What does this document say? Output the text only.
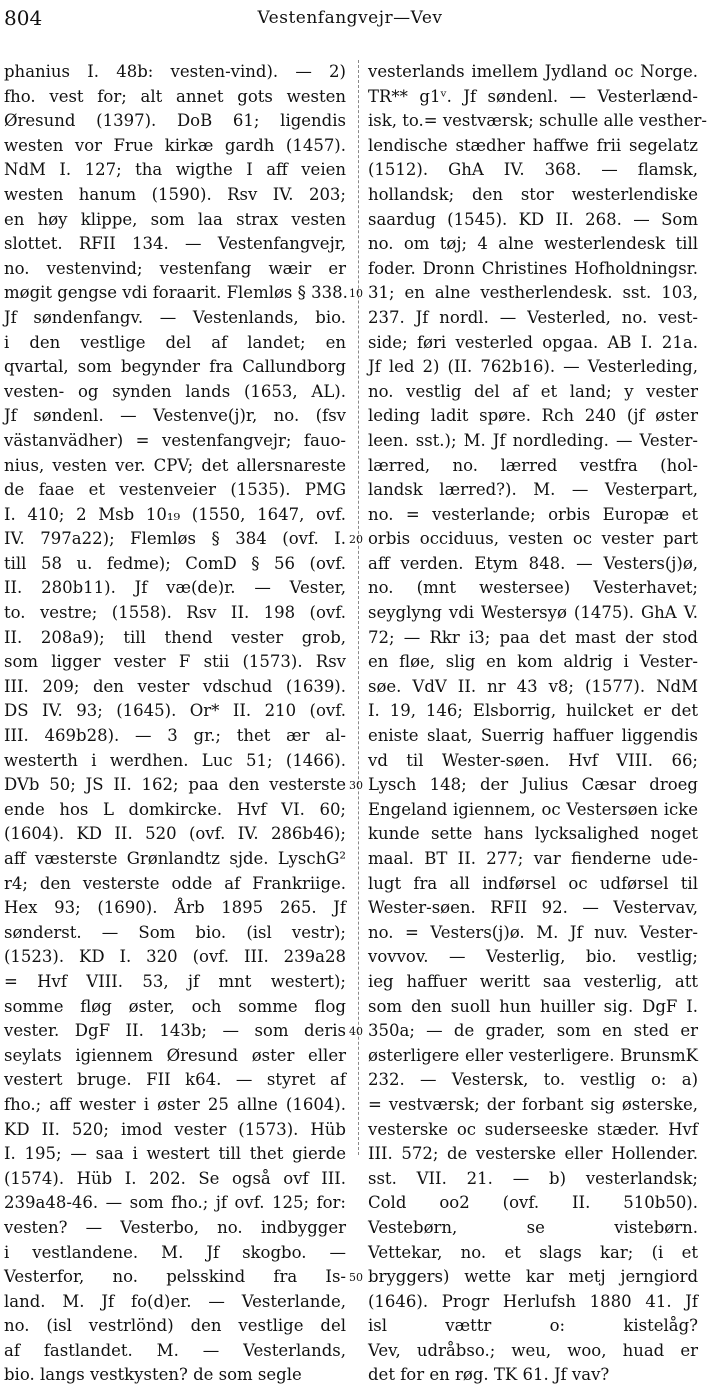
804	Vestenfangvejr—Vev
phanius I. 48b: vesten-vind). — 2)
fho. vest for; alt annet gots westen
Øresund (1397). DoB 61; ligendis
westen vor Frue kirkæ gardh (1457).
NdM I. 127; tha wigthe I aff veien
westen hanum (1590). Rsv IV. 203;
en høy klippe, som laa strax vesten
slottet. RFII 134. — Vestenfangvejr,
no. vestenvind; vestenfang wæir er
møgit gengse vdi foraarit. Flemløs § 338.
Jf søndenfangv. — Vestenlands, bio.
i den vestlige del af landet; en
qvartal, som begynder fra Callundborg
vesten- og synden lands (1653, AL).
Jf søndenl. — Vestenve(j)r, no. (fsv
västanvädher) = vestenfangvejr; fauo-
nius, vesten ver. CPV; det allersnareste
de faae et vestenveier (1535). PMG
I. 410; 2 Msb 10₁₉ (1550, 1647, ovf.
IV. 797a22); Flemløs § 384 (ovf. I.
till 58 u. fedme); ComD § 56 (ovf.
II. 280b11). Jf væ(de)r. — Vester,
to. vestre; (1558). Rsv II. 198 (ovf.
II. 208a9); till thend vester grob,
som ligger vester F stii (1573). Rsv
III. 209; den vester vdschud (1639).
DS IV. 93; (1645). Or* II. 210 (ovf.
III. 469b28). — 3 gr.; thet ær al-
westerth i werdhen. Luc 51; (1466).
DVb 50; JS II. 162; paa den vesterste
ende hos L domkircke. Hvf VI. 60;
(1604). KD II. 520 (ovf. IV. 286b46);
aff væsterste Grønlandtz sjde. LyschG²
r4; den vesterste odde af Frankriige.
Hex 93; (1690). Årb 1895 265. Jf
sønderst. — Som bio. (isl vestr);
(1523). KD I. 320 (ovf. III. 239a28
= Hvf VIII. 53, jf mnt westert);
somme fløg øster, och somme flog
vester. DgF II. 143b; — som deris
seylats igiennem Øresund øster eller
vestert bruge. FII k64. — styret af
fho.; aff wester i øster 25 allne (1604).
KD II. 520; imod vester (1573). Hüb
I. 195; — saa i westert till thet gierde
(1574). Hüb I. 202. Se også ovf III.
239a48-46. — som fho.; jf ovf. 125; for:
vesten? — Vesterbo, no. indbygger
i vestlandene. M. Jf skogbo. —
Vesterfor, no. pelsskind fra Is-
land. M. Jf fo(d)er. — Vesterlande,
no. (isl vestrlönd) den vestlige del
af fastlandet. M. — Vesterlands,
bio. langs vestkysten? de som segle
10
20
30
40
50
vesterlands imellem Jydland oc Norge.
TR** g1ᵛ. Jf søndenl. — Vesterlænd-
isk, to.= vestværsk; schulle alle vesther-
lendische stædher haffwe frii segelatz
(1512). GhA IV. 368. — flamsk,
hollandsk; den stor westerlendiske
saardug (1545). KD II. 268. — Som
no. om tøj; 4 alne westerlendesk till
foder. Dronn Christines Hofholdningsr.
31; en alne vestherlendesk. sst. 103,
237. Jf nordl. — Vesterled, no. vest-
side; føri vesterled opgaa. AB I. 21a.
Jf led 2) (II. 762b16). — Vesterleding,
no. vestlig del af et land; y vester
leding ladit spøre. Rch 240 (jf øster
leen. sst.); M. Jf nordleding. — Vester-
lærred, no. lærred vestfra (hol-
landsk lærred?). M. — Vesterpart,
no. = vesterlande; orbis Europæ et
orbis occiduus, vesten oc vester part
aff verden. Etym 848. — Vesters(j)ø,
no. (mnt westersee) Vesterhavet;
seyglyng vdi Westersyø (1475). GhA V.
72; — Rkr i3; paa det mast der stod
en fløe, slig en kom aldrig i Vester-
søe. VdV II. nr 43 v8; (1577). NdM
I. 19, 146; Elsborrig, huilcket er det
eniste slaat, Suerrig haffuer liggendis
vd til Wester-søen. Hvf VIII. 66;
Lysch 148; der Julius Cæsar droeg
Engeland igiennem, oc Vestersøen icke
kunde sette hans lycksalighed noget
maal. BT II. 277; var fienderne ude-
lugt fra all indførsel oc udførsel til
Wester-søen. RFII 92. — Vestervav,
no. = Vesters(j)ø. M. Jf nuv. Vester-
vovvov. — Vesterlig, bio. vestlig;
ieg haffuer weritt saa vesterlig, att
som den suoll hun huiller sig. DgF I.
350a; — de grader, som en sted er
østerligere eller vesterligere. BrunsmK
232. — Vestersk, to. vestlig o: a)
= vestværsk; der forbant sig østerske,
vesterske oc suderseeske stæder. Hvf
III. 572; de vesterske eller Hollender.
sst. VII. 21. — b) vesterlandsk;
Cold oo2 (ovf. II. 510b50).
Vestebørn, se vistebørn.
Vettekar, no. et slags kar; (i et
bryggers) wette kar metj jerngiord
(1646). Progr Herlufsh 1880 41. Jf
isl vættr o: kistelåg?
Vev, udråbso.; weu, woo, huad er
det for en røg. TK 61. Jf vav?
